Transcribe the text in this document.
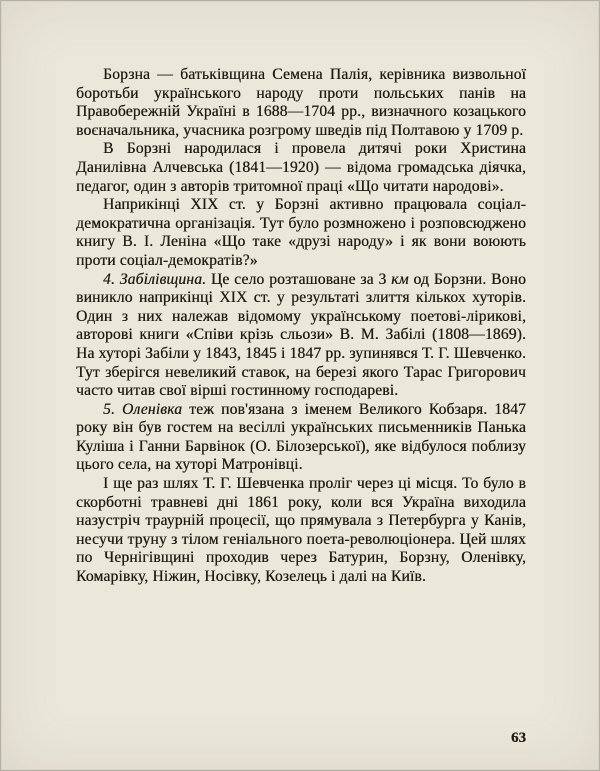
Борзна — батьківщина Семена Палія, керівника визвольної боротьби українського народу проти польських панів на Правобережній Україні в 1688—1704 рр., визначного козацького воєначальника, учасника розгрому шведів під Полтавою у 1709 р.

В Борзні народилася і провела дитячі роки Христина Данилівна Алчевська (1841—1920) — відома громадська діячка, педагог, один з авторів тритомної праці «Що читати народові».

Наприкінці XIX ст. у Борзні активно працювала соціал-демократична організація. Тут було розмножено і розповсюджено книгу В. І. Леніна «Що таке «друзі народу» і як вони воюють проти соціал-демократів?»

4. Забілівщина. Це село розташоване за 3 км од Борзни. Воно виникло наприкінці XIX ст. у результаті злиття кількох хуторів. Один з них належав відомому українському поетові-лірикові, авторові книги «Співи крізь сльози» В. М. Забілі (1808—1869). На хуторі Забіли у 1843, 1845 і 1847 рр. зупинявся Т. Г. Шевченко. Тут зберігся невеликий ставок, на березі якого Тарас Григорович часто читав свої вірші гостинному господареві.

5. Оленівка теж пов'язана з іменем Великого Кобзаря. 1847 року він був гостем на весіллі українських письменників Панька Куліша і Ганни Барвінок (О. Білозерської), яке відбулося поблизу цього села, на хуторі Матронівці.

І ще раз шлях Т. Г. Шевченка проліг через ці місця. То було в скорботні травневі дні 1861 року, коли вся Україна виходила назустріч траурній процесії, що прямувала з Петербурга у Канів, несучи труну з тілом геніального поета-революціонера. Цей шлях по Чернігівщині проходив через Батурин, Борзну, Оленівку, Комарівку, Ніжин, Носівку, Козелець і далі на Київ.

63
